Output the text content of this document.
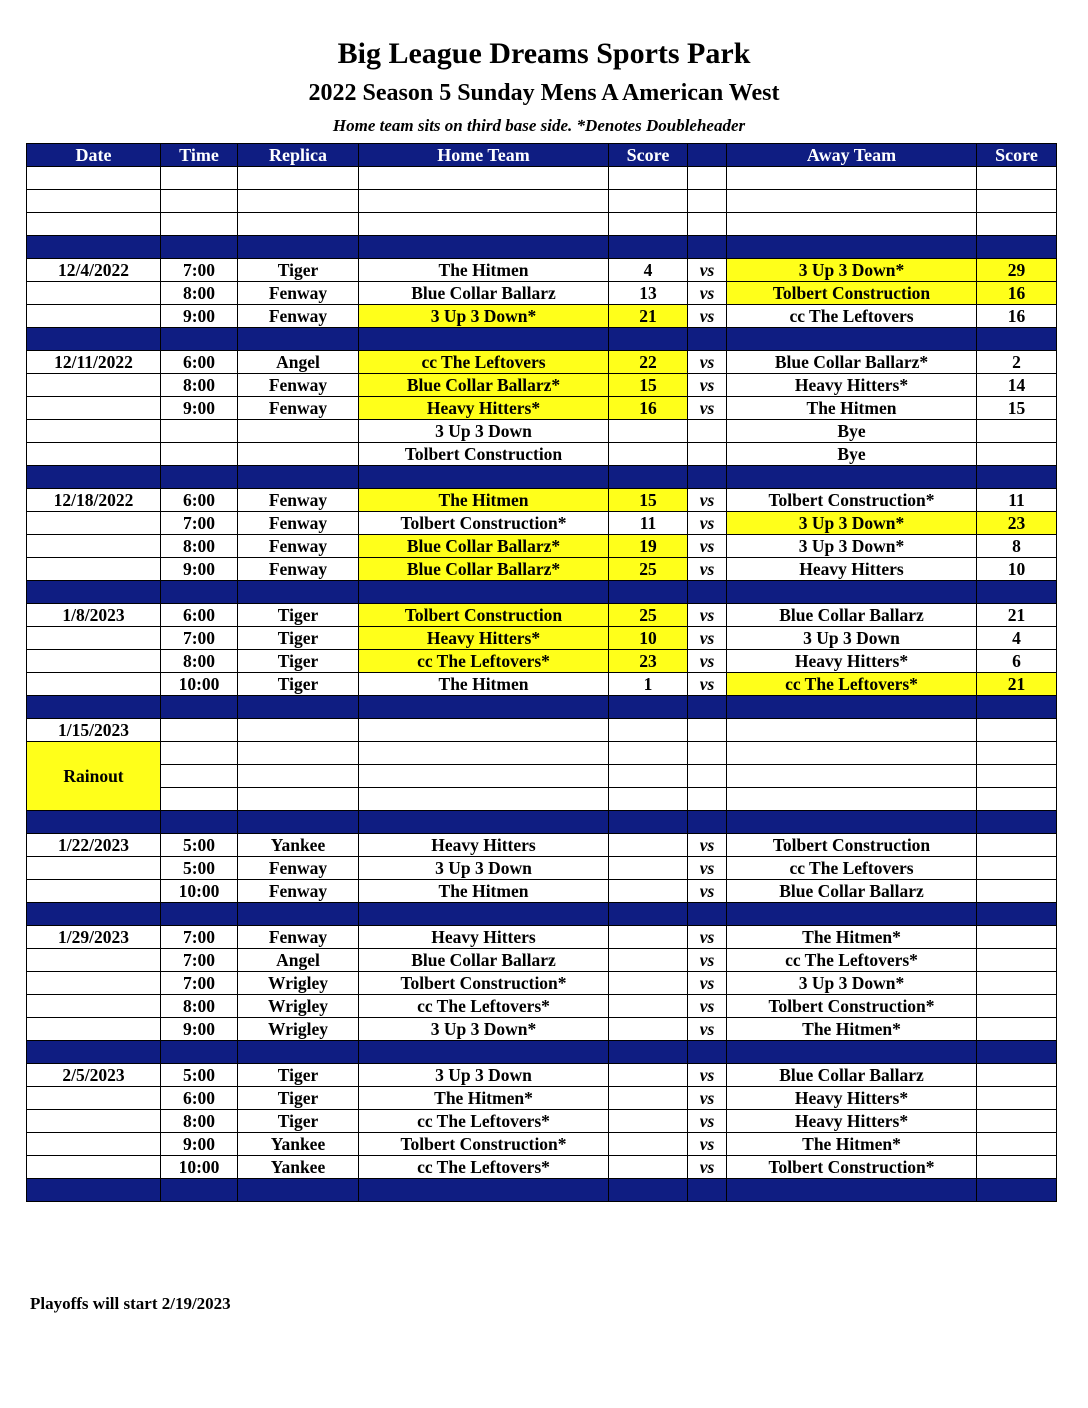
Big League Dreams Sports Park
2022 Season 5 Sunday Mens A American West
Home team sits on third base side. *Denotes Doubleheader
Date	Time	Replica	Home Team	Score		Away Team	Score

12/4/2022	7:00	Tiger	The Hitmen	4	vs	3 Up 3 Down*	29
	8:00	Fenway	Blue Collar Ballarz	13	vs	Tolbert Construction	16
	9:00	Fenway	3 Up 3 Down*	21	vs	cc The Leftovers	16

12/11/2022	6:00	Angel	cc The Leftovers	22	vs	Blue Collar Ballarz*	2
	8:00	Fenway	Blue Collar Ballarz*	15	vs	Heavy Hitters*	14
	9:00	Fenway	Heavy Hitters*	16	vs	The Hitmen	15
			3 Up 3 Down			Bye	
			Tolbert Construction			Bye	

12/18/2022	6:00	Fenway	The Hitmen	15	vs	Tolbert Construction*	11
	7:00	Fenway	Tolbert Construction*	11	vs	3 Up 3 Down*	23
	8:00	Fenway	Blue Collar Ballarz*	19	vs	3 Up 3 Down*	8
	9:00	Fenway	Blue Collar Ballarz*	25	vs	Heavy Hitters	10

1/8/2023	6:00	Tiger	Tolbert Construction	25	vs	Blue Collar Ballarz	21
	7:00	Tiger	Heavy Hitters*	10	vs	3 Up 3 Down	4
	8:00	Tiger	cc The Leftovers*	23	vs	Heavy Hitters*	6
	10:00	Tiger	The Hitmen	1	vs	cc The Leftovers*	21

1/15/2023							
Rainout							

1/22/2023	5:00	Yankee	Heavy Hitters		vs	Tolbert Construction	
	5:00	Fenway	3 Up 3 Down		vs	cc The Leftovers	
	10:00	Fenway	The Hitmen		vs	Blue Collar Ballarz	

1/29/2023	7:00	Fenway	Heavy Hitters		vs	The Hitmen*	
	7:00	Angel	Blue Collar Ballarz		vs	cc The Leftovers*	
	7:00	Wrigley	Tolbert Construction*		vs	3 Up 3 Down*	
	8:00	Wrigley	cc The Leftovers*		vs	Tolbert Construction*	
	9:00	Wrigley	3 Up 3 Down*		vs	The Hitmen*	

2/5/2023	5:00	Tiger	3 Up 3 Down		vs	Blue Collar Ballarz	
	6:00	Tiger	The Hitmen*		vs	Heavy Hitters*	
	8:00	Tiger	cc The Leftovers*		vs	Heavy Hitters*	
	9:00	Yankee	Tolbert Construction*		vs	The Hitmen*	
	10:00	Yankee	cc The Leftovers*		vs	Tolbert Construction*	

Playoffs will start 2/19/2023
